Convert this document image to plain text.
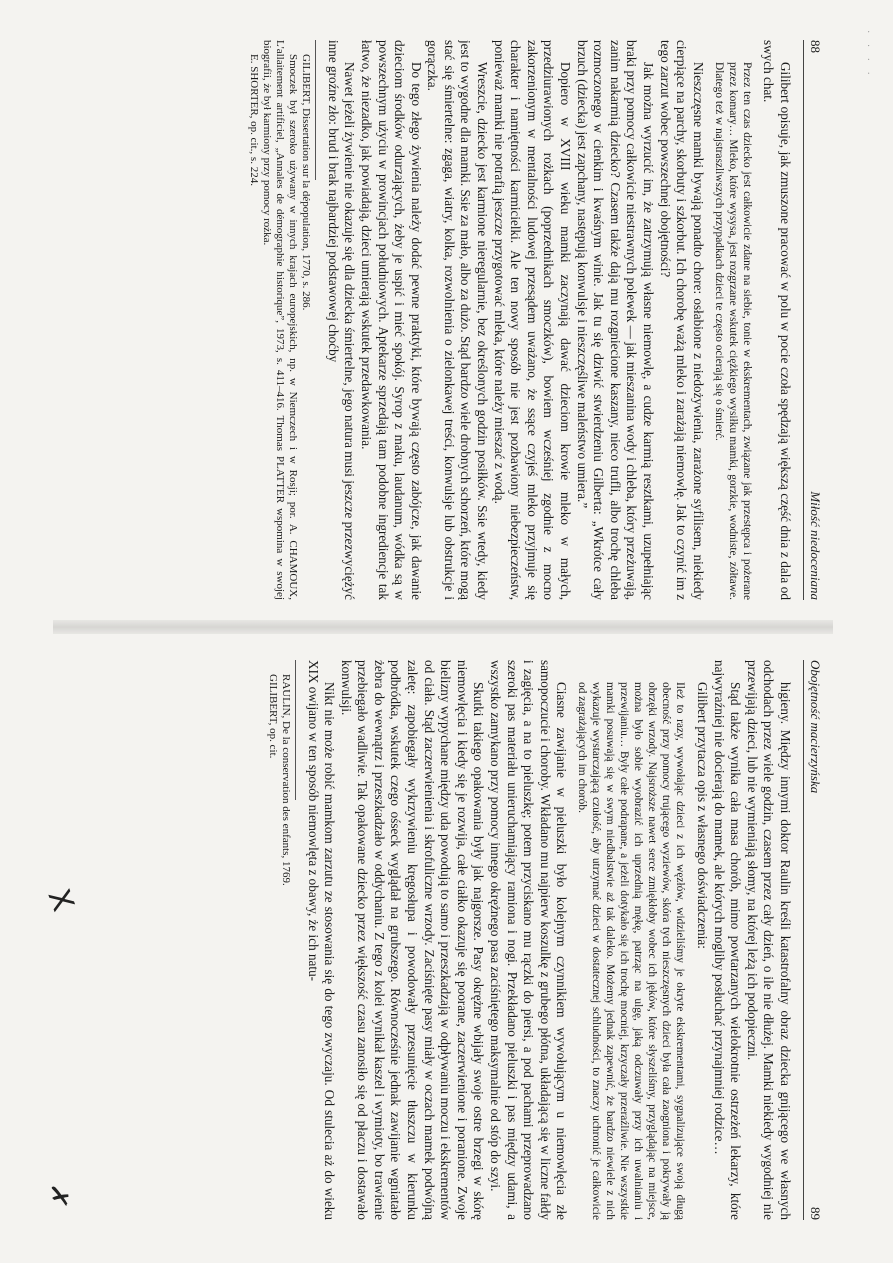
· · · ·
88
Miłość niedoceniana

Gilibert opisuje, jak zmuszone pracować w polu w pocie czoła spędzają większą część dnia z dala od swych chat.

Przez ten czas dziecko jest całkowicie zdane na siebie, tonie w ekskrementach, związane jak przestępca i pożerane przez komary… Mleko, które wysysa, jest rozgrzane wskutek ciężkiego wysiłku mamki, gorzkie, wodniste, zółtawe. Dlatego też w najstraszliwszych przypadkach dzieci te często ocierają się o śmierć.

Nieszczęsne mamki bywają ponadto chore: osłabione z niedożywienia, zarażone syfilisem, niekiedy cierpiące na parchy, skorbuty i szkorbut. Ich chorobę ważą mleko i zarażają niemowlę. Jak to czynić im z tego zarzut wobec powszechnej obojętności?

Jak można wyrzucić im, że zatrzymują własne niemowlę, a cudze karmią resztkami, uzupełniając braki przy pomocy całkowicie niestrawnych polewek — jak mieszanina wody i chleba, który przeżuwają, zanim nakarmią dziecko? Czasem także dają mu rozgniecione kaszany, nieco trufli, albo trochę chleba rozmoczonego w cienkim i kwaśnym winie. Jak tu się dziwić stwierdzeniu Gilberta: „Wkrótce cały brzuch (dziecka) jest zapchany, następują konwulsje i nieszczęśliwe maleństwo umiera.”

Dopiero w XVIII wieku mamki zaczynają dawać dzieciom krowie mleko w małych, przedziurawionych rożkach (poprzednikach smoczków), bowiem wcześniej zgodnie z mocno zakorzenionym w mentalności ludowej przesądem uważano, że ssące czyjeś mleko przyjmuje się charakter i namiętności karmicielki. Ale ten nowy sposób nie jest pozbawiony niebezpieczeństw, ponieważ mamki nie potrafią jeszcze przygotować mleka, które należy mieszać z wodą.

Wreszcie, dziecko jest karmione nieregularnie, bez określonych godzin posiłków. Ssie wtedy, kiedy jest to wygodne dla mamki. Ssie za mało, albo za dużo. Stąd bardzo wiele drobnych schorzeń, które mogą stać się śmiertelne: zgaga, wiatry, kolka, rozwolnienia o zielonkawej treści, konwulsje lub obstrukcje i gorączka.

Do tego złego żywienia należy dodać pewne praktyki, które bywają często zabójcze, jak dawanie dzieciom środków odurzających, żeby je uspić i mieć spokój. Syrop z maku, laudanum, wódka są w powszechnym użyciu w prowincjach południowych. Aptekarze sprzedają tam podobne ingrediencje tak łatwo, że niezadko, jak powiadają, dzieci umierają wskutek przedawkowania.

Nawet jeżeli żywienie nie okazuje się dla dziecka śmiertelne, jego natura musi jeszcze przezwyciężyć inne groźne zło: brud i brak najbardziej podstawowej choćby

GILIBERT, Dissertation sur la dépopulation, 1770, s. 286.

Smoczek był szeroko używany w innych krajach europejskich, np. w Niemczech i w Rosji; por. A. CHAMOUX, L'allaitement artificiel, „Annales de démographie historique”, 1973, s. 411–416. Thomas PLATTER wspomina w swojej biografii, że był karmiony przy pomocy rożka.

E. SHORTER, op. cit., s. 224.

Obojętność macierzyńska
89

higieny. Między innymi doktor Raulin kreśli katastrofalny obraz dziecka gnijącego we własnych odchodach przez wiele godzin, czasem przez cały dzień, o ile nie dłużej. Mamki niekiedy wygodniej nie przewijają dzieci, lub nie wymieniają słomy, na której leżą ich podopieczni.

Stąd także wynika cała masa chorób, mimo powtarzanych wielokrotnie ostrzeżeń lekarzy, które najwyraźniej nie docierają do mamek, ale których mogliby posłuchać przynajmniej rodzice…

Gilibert przytacza opis z własnego doświadczenia:

Ileż to razy, wywołając dzieci z ich węzłów, widzieliśmy je okryte ekskrementami, sygnalizujące swoją długą obecność przy pomocy trującego wyziewów, skóra tych nieszczęsnych dzieci była cała zaogniona i pokrywały ją obrzęki wrzody. Najsroższe nawet serce zmiękłoby wobec ich jęków, które słyszeliśmy, przyglądając na miejsce, można było sobie wyobrazić ich uprzednią mękę, patrząc na ulgę, jaką odczuwały przy ich uwalnianiu i przewijaniu… Były całe podrapane, a jeżeli dotykało się ich trochę mocniej, krzyczały przeraźliwie. Nie wszystkie mamki posuwają się w swym niedbalstwie aż tak daleko. Możemy jednak zapewnić, że bardzo niewiele z nich wykazuje wystarczającą czułość, aby utrzymać dzieci w dostatecznej schludności, to znaczy uchronić je całkowicie od zagrażających im chorób.

Ciasne zawijanie w pieluszki było kolejnym czynnikiem wywołującym u niemowlęcia złe samopoczucie i choroby. Wkładano mu najpierw koszulkę z grubego płótna, układającą się w liczne fałdy i zagięcia, a na to pieluszkę; potem przyciskano mu rączki do piersi, a pod pachami przeprowadzano szeroki pas materiału unieruchamiający ramiona i nogi. Przekładano pieluszki i pas między udami, a wszystko zamykano przy pomocy innego okrężnego pasa zaciśniętego maksymalnie od stóp do szyi.

Skutki takiego opakowania były jak najgorsze. Pasy okrężne wbijały swoje ostre brzegi w skórę niemowlęcia i kiedy się je rozwija, całe ciałko okazuje się poorane, zaczerwienione i poranione. Zwoje bielizny wypychane między uda powodują to samo i przeszkadzają w odpływaniu moczu i ekskrementów od ciała. Stąd zaczerwienienia i skrofuliczne wrzody. Zaciśnięte pasy miały w oczach mamek podwójną zaletę: zapobiegały wykrzywieniu kręgosłupa i powodowały przesunięcie tłuszczu w kierunku podbródka, wskutek czego ośseck wyglądał na grubszego. Równocześnie jednak zawijanie wgniatało żebra do wewnątrz i przeszkadzało w oddychaniu. Z tego z kolei wynikał kaszel i wymioty, bo trawienie przebiegało wadliwie. Tak opakowane dziecko przez większość czasu zanosiło się od płaczu i dostawało konwulsji.

Nikt nie może robić mamkom zarzutu ze stosowania się do tego zwyczaju. Od stulecia aż do wieku XIX owijano w ten sposób niemowlęta z obawy, że ich natu-

RAULIN, De la conservation des enfants, 1769.

GILIBERT, op. cit.

X
✗
